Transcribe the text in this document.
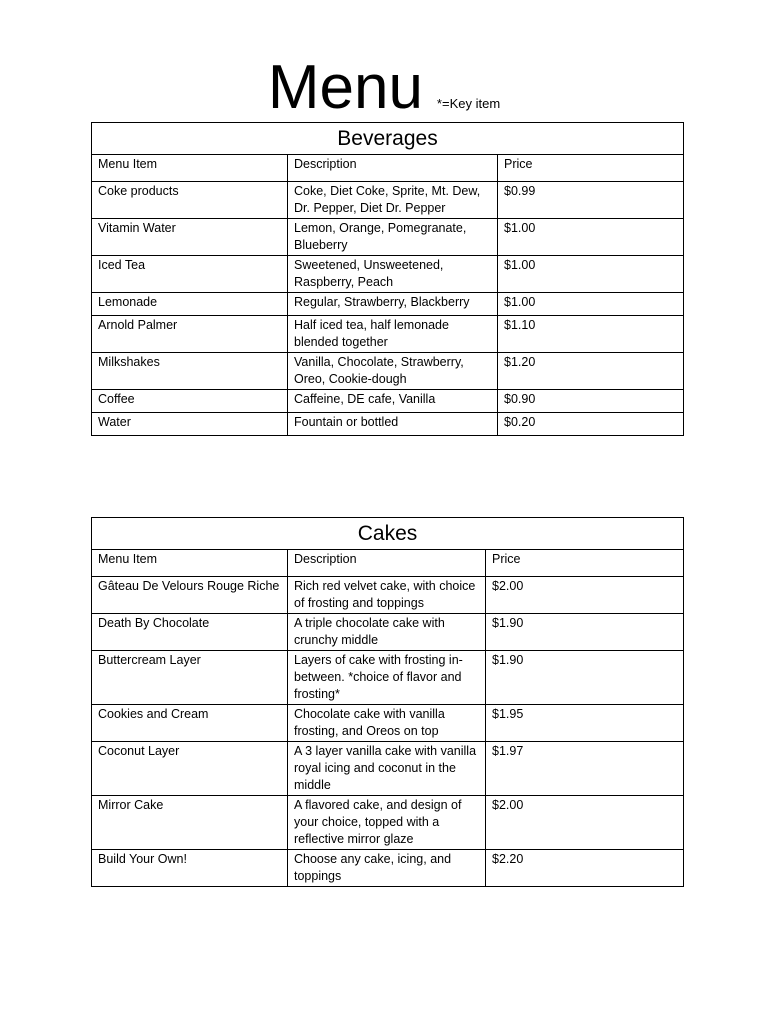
Menu *=Key item
Beverages		
Menu Item	Description	Price
Coke products	Coke, Diet Coke, Sprite, Mt. Dew, Dr. Pepper, Diet Dr. Pepper	$0.99
Vitamin Water	Lemon, Orange, Pomegranate, Blueberry	$1.00
Iced Tea	Sweetened, Unsweetened, Raspberry, Peach	$1.00
Lemonade	Regular, Strawberry, Blackberry	$1.00
Arnold Palmer	Half iced tea, half lemonade blended together	$1.10
Milkshakes	Vanilla, Chocolate, Strawberry, Oreo, Cookie-dough	$1.20
Coffee	Caffeine, DE cafe, Vanilla	$0.90
Water	Fountain or bottled	$0.20
Cakes		
Menu Item	Description	Price
Gâteau De Velours Rouge Riche	Rich red velvet cake, with choice of frosting and toppings	$2.00
Death By Chocolate	A triple chocolate cake with crunchy middle	$1.90
Buttercream Layer	Layers of cake with frosting in-between. *choice of flavor and frosting*	$1.90
Cookies and Cream	Chocolate cake with vanilla frosting, and Oreos on top	$1.95
Coconut Layer	A 3 layer vanilla cake with vanilla royal icing and coconut in the middle	$1.97
Mirror Cake	A flavored cake, and design of your choice, topped with a reflective mirror glaze	$2.00
Build Your Own!	Choose any cake, icing, and toppings	$2.20
